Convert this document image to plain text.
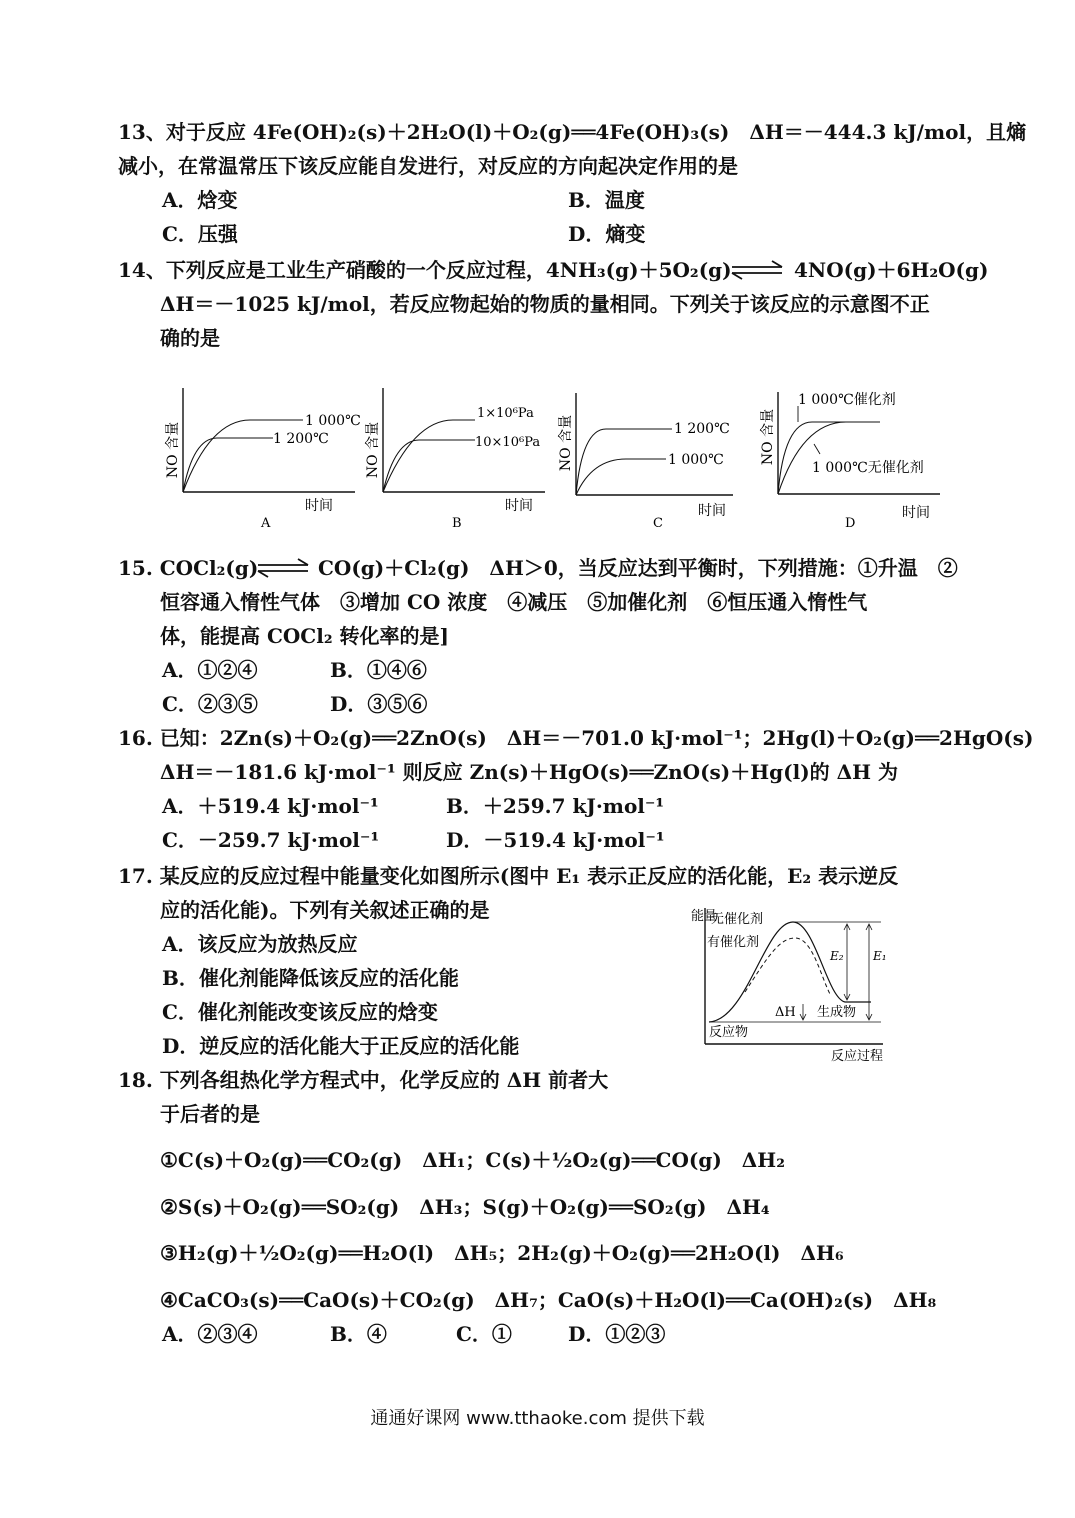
13、对于反应 4Fe(OH)₂(s)＋2H₂O(l)＋O₂(g)══4Fe(OH)₃(s)　ΔH＝－444.3 kJ/mol，且熵
减小，在常温常压下该反应能自发进行，对反应的方向起决定作用的是
A．焓变	B．温度
C．压强	D．熵变
14、下列反应是工业生产硝酸的一个反应过程，4NH₃(g)＋5O₂(g) ⇌ 4NO(g)＋6H₂O(g)
ΔH＝－1025 kJ/mol，若反应物起始的物质的量相同。下列关于该反应的示意图不正
确的是
NO 含量
1 000℃
1 200℃
时间
A
NO 含量
1×10⁶Pa
10×10⁶Pa
时间
B
NO 含量	1 200℃
1 000℃
时间
C
NO 含量
1 000℃催化剂
1 000℃无催化剂
时间
D
15. COCl₂(g) ⇌ CO(g)＋Cl₂(g)　ΔH＞0，当反应达到平衡时，下列措施：①升温　②
恒容通入惰性气体　③增加 CO 浓度　④减压　⑤加催化剂　⑥恒压通入惰性气
体，能提高 COCl₂ 转化率的是]
A．①②④	B．①④⑥
C．②③⑤	D．③⑤⑥
16. 已知：2Zn(s)＋O₂(g)══2ZnO(s)　ΔH＝－701.0 kJ·mol⁻¹；2Hg(l)＋O₂(g)══2HgO(s)
ΔH＝－181.6 kJ·mol⁻¹ 则反应 Zn(s)＋HgO(s)══ZnO(s)＋Hg(l)的 ΔH 为
A．＋519.4 kJ·mol⁻¹	B．＋259.7 kJ·mol⁻¹
C．－259.7 kJ·mol⁻¹	D．－519.4 kJ·mol⁻¹
17. 某反应的反应过程中能量变化如图所示(图中 E₁ 表示正反应的活化能，E₂ 表示逆反
应的活化能)。下列有关叙述正确的是
A．该反应为放热反应
B．催化剂能降低该反应的活化能
C．催化剂能改变该反应的焓变
D．逆反应的活化能大于正反应的活化能
能量
无催化剂
有催化剂
E₂ E₁
ΔH 生成物
反应物
反应过程
18. 下列各组热化学方程式中，化学反应的 ΔH 前者大
于后者的是
①C(s)＋O₂(g)══CO₂(g)　ΔH₁；C(s)＋½O₂(g)══CO(g)　ΔH₂
②S(s)＋O₂(g)══SO₂(g)　ΔH₃；S(g)＋O₂(g)══SO₂(g)　ΔH₄
③H₂(g)＋½O₂(g)══H₂O(l)　ΔH₅；2H₂(g)＋O₂(g)══2H₂O(l)　ΔH₆
④CaCO₃(s)══CaO(s)＋CO₂(g)　ΔH₇；CaO(s)＋H₂O(l)══Ca(OH)₂(s)　ΔH₈
A．②③④	B．④	C．①	D．①②③
通通好课网 www.tthaoke.com 提供下载
